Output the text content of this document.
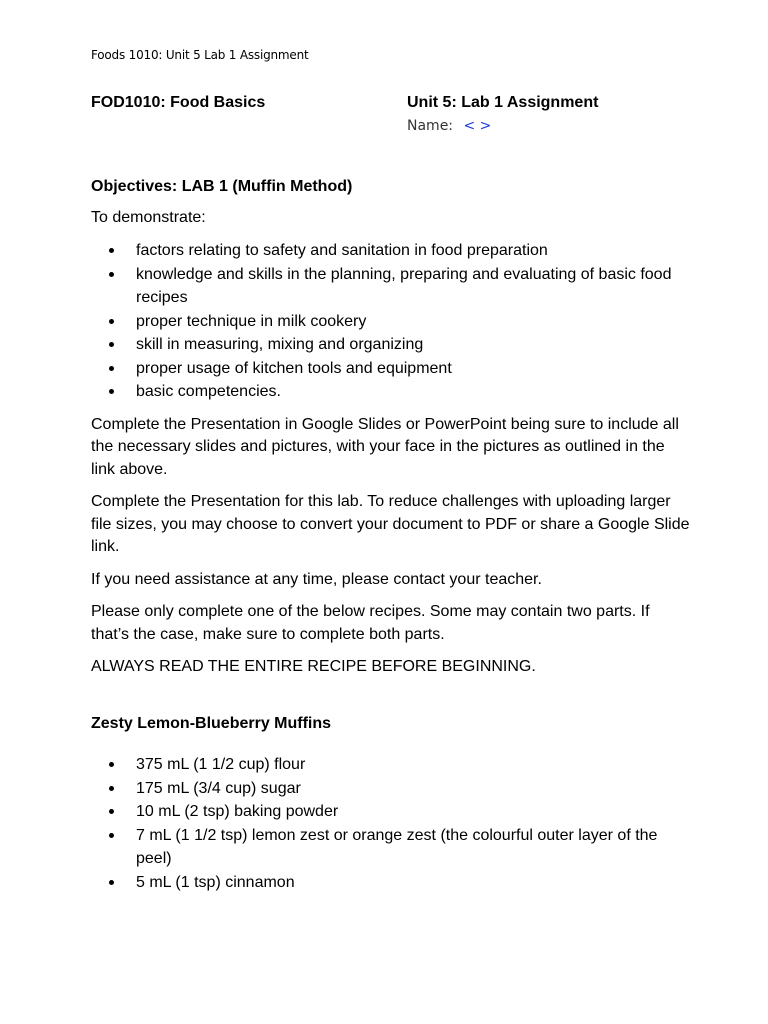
Foods 1010: Unit 5 Lab 1 Assignment
FOD1010: Food Basics	Unit 5: Lab 1 Assignment
Name: < >

Objectives: LAB 1 (Muffin Method)

To demonstrate:

factors relating to safety and sanitation in food preparation
knowledge and skills in the planning, preparing and evaluating of basic food recipes
proper technique in milk cookery
skill in measuring, mixing and organizing
proper usage of kitchen tools and equipment
basic competencies.

Complete the Presentation in Google Slides or PowerPoint being sure to include all the necessary slides and pictures, with your face in the pictures as outlined in the link above.

Complete the Presentation for this lab. To reduce challenges with uploading larger file sizes, you may choose to convert your document to PDF or share a Google Slide link.

If you need assistance at any time, please contact your teacher.

Please only complete one of the below recipes. Some may contain two parts. If that’s the case, make sure to complete both parts.

ALWAYS READ THE ENTIRE RECIPE BEFORE BEGINNING.

Zesty Lemon-Blueberry Muffins

375 mL (1 1/2 cup) flour
175 mL (3/4 cup) sugar
10 mL (2 tsp) baking powder
7 mL (1 1/2 tsp) lemon zest or orange zest (the colourful outer layer of the peel)
5 mL (1 tsp) cinnamon
